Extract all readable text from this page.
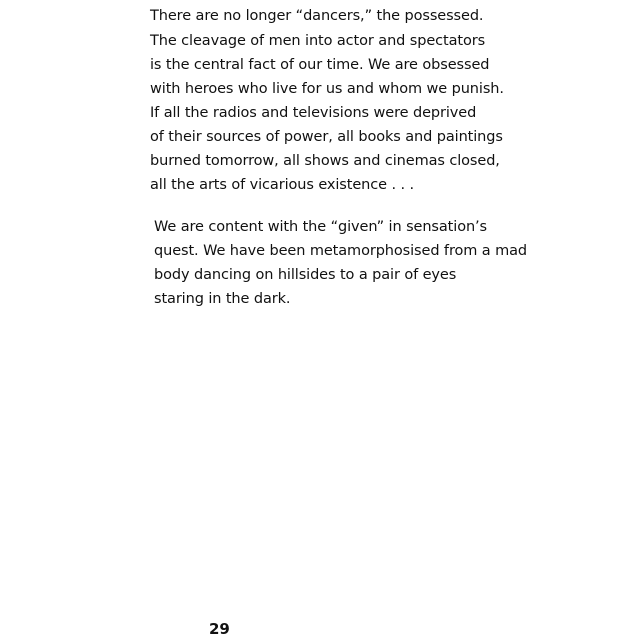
There are no longer “dancers,” the possessed.
The cleavage of men into actor and spectators
is the central fact of our time. We are obsessed
with heroes who live for us and whom we punish.
If all the radios and televisions were deprived
of their sources of power, all books and paintings
burned tomorrow, all shows and cinemas closed,
all the arts of vicarious existence . . .
We are content with the “given” in sensation’s
quest. We have been metamorphosised from a mad
body dancing on hillsides to a pair of eyes
staring in the dark.
29
